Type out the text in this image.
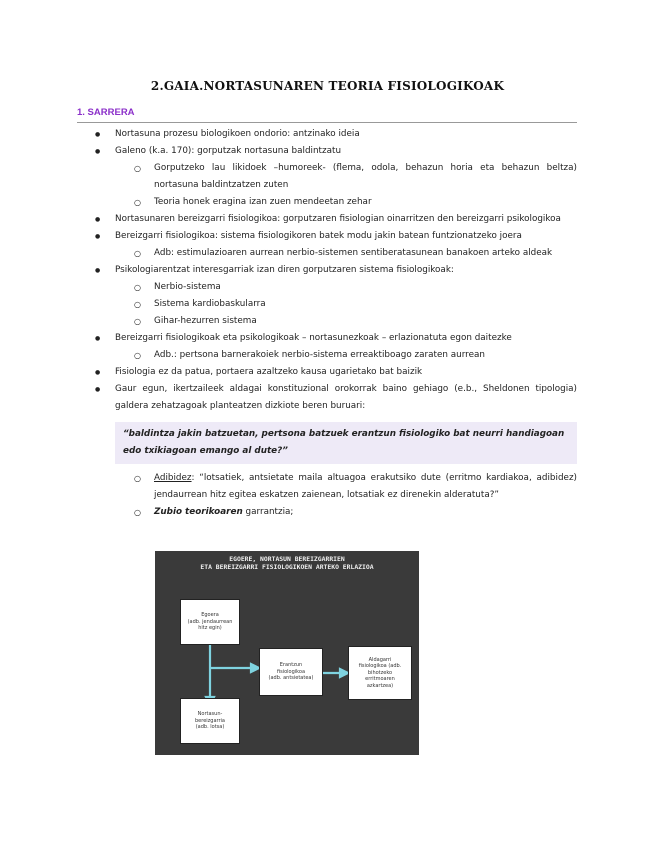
2.GAIA.NORTASUNAREN TEORIA FISIOLOGIKOAK
1. SARRERA
● Nortasuna prozesu biologikoen ondorio: antzinako ideia
● Galeno (k.a. 170): gorputzak nortasuna baldintzatu
○ Gorputzeko lau likidoek –humoreek- (flema, odola, behazun horia eta behazun beltza) nortasuna baldintzatzen zuten
○ Teoria honek eragina izan zuen mendeetan zehar
● Nortasunaren bereizgarri fisiologikoa: gorputzaren fisiologian oinarritzen den bereizgarri psikologikoa
● Bereizgarri fisiologikoa: sistema fisiologikoren batek modu jakin batean funtzionatzeko joera
○ Adb: estimulazioaren aurrean nerbio-sistemen sentiberatasunean banakoen arteko aldeak
● Psikologiarentzat interesgarriak izan diren gorputzaren sistema fisiologikoak:
○ Nerbio-sistema
○ Sistema kardiobaskularra
○ Gihar-hezurren sistema
● Bereizgarri fisiologikoak eta psikologikoak – nortasunezkoak – erlazionatuta egon daitezke
○ Adb.: pertsona barnerakoiek nerbio-sistema erreaktiboago zaraten aurrean
● Fisiologia ez da patua, portaera azaltzeko kausa ugarietako bat baizik
● Gaur egun, ikertzaileek aldagai konstituzional orokorrak baino gehiago (e.b., Sheldonen tipologia) galdera zehatzagoak planteatzen dizkiote beren buruari:
“baldintza jakin batzuetan, pertsona batzuek erantzun fisiologiko bat neurri handiagoan edo txikiagoan emango al dute?”
○ Adibidez: “lotsatiek, antsietate maila altuagoa erakutsiko dute (erritmo kardiakoa, adibidez) jendaurrean hitz egitea eskatzen zaienean, lotsatiak ez direnekin alderatuta?”
○ Zubio teorikoaren garrantzia;
EGOERE, NORTASUN BEREIZGARRIEN
ETA BEREIZGARRI FISIOLOGIKOEN ARTEKO ERLAZIOA
Egoera
(adb. jendaurrean
hitz egin)
Nortasun-
bereizgarria
(adb. lotsa)
Erantzun
fisiologikoa
(adb. antsietatea)
Aldagarri
fisiologikoa (adb.
bihotzeko
erritmoaren
azkartzea)
